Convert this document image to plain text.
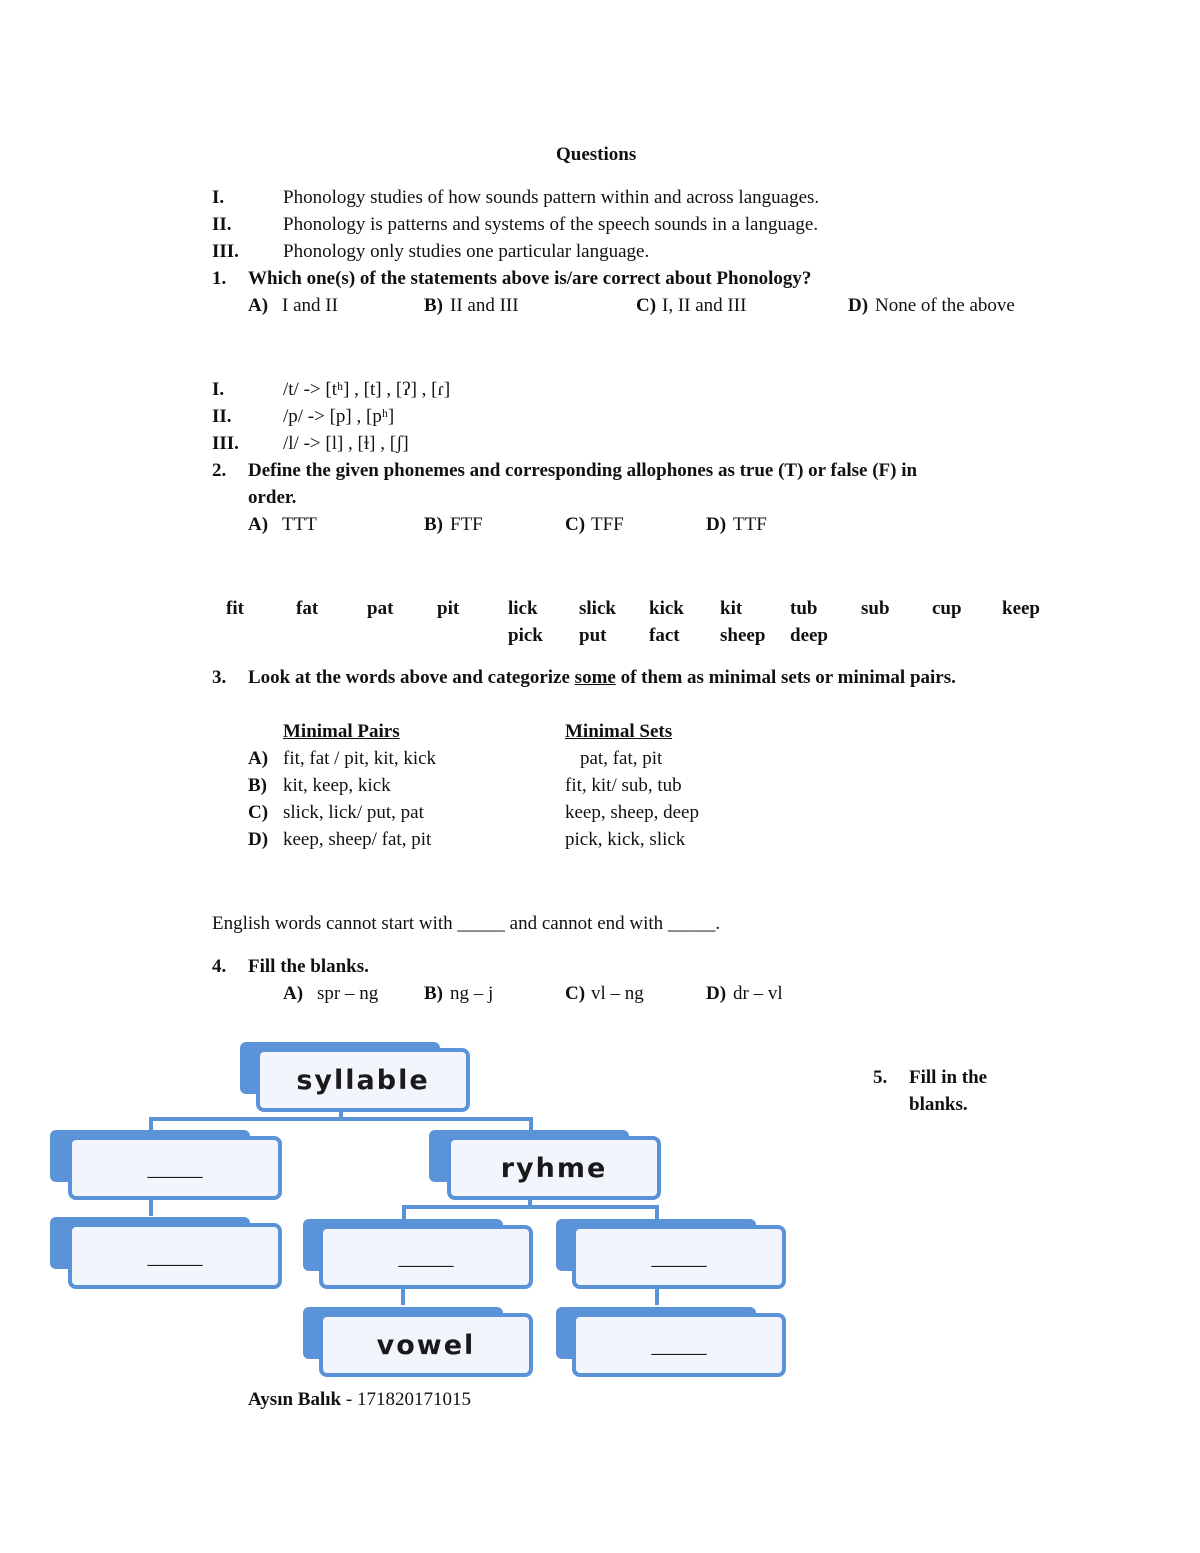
Questions
I.	Phonology studies of how sounds pattern within and across languages.
II.	Phonology is patterns and systems of the speech sounds in a language.
III. Phonology only studies one particular language.
1. Which one(s) of the statements above is/are correct about Phonology?
A) I and II	B) II and III	C) I, II and III	D) None of the above
I.	/t/ -> [tʰ] , [t] , [ʔ] , [ɾ]
II.	/p/ -> [p] , [pʰ]
III. /l/ -> [l] , [ɫ] , [ʃ]
2. Define the given phonemes and corresponding allophones as true (T) or false (F) in
order.
A) TTT	B) FTF	C) TFF	D) TTF
fit	fat	pat pit	lick slick kick kit	tub sub cup keep
pick put fact sheep deep
3. Look at the words above and categorize some of them as minimal sets or minimal pairs.
Minimal Pairs	Minimal Sets
A) fit, fat / pit, kit, kick	pat, fat, pit
B) kit, keep, kick	fit, kit/ sub, tub
C) slick, lick/ put, pat	keep, sheep, deep
D) keep, sheep/ fat, pit	pick, kick, slick
English words cannot start with _____ and cannot end with _____.
4. Fill the blanks.
A) spr – ng B) ng – j	C) vl – ng	D) dr – vl
syllable
_____	ryhme
_____	_____	_____
vowel	_____
5. Fill in the
blanks.
Aysın Balık - 171820171015
